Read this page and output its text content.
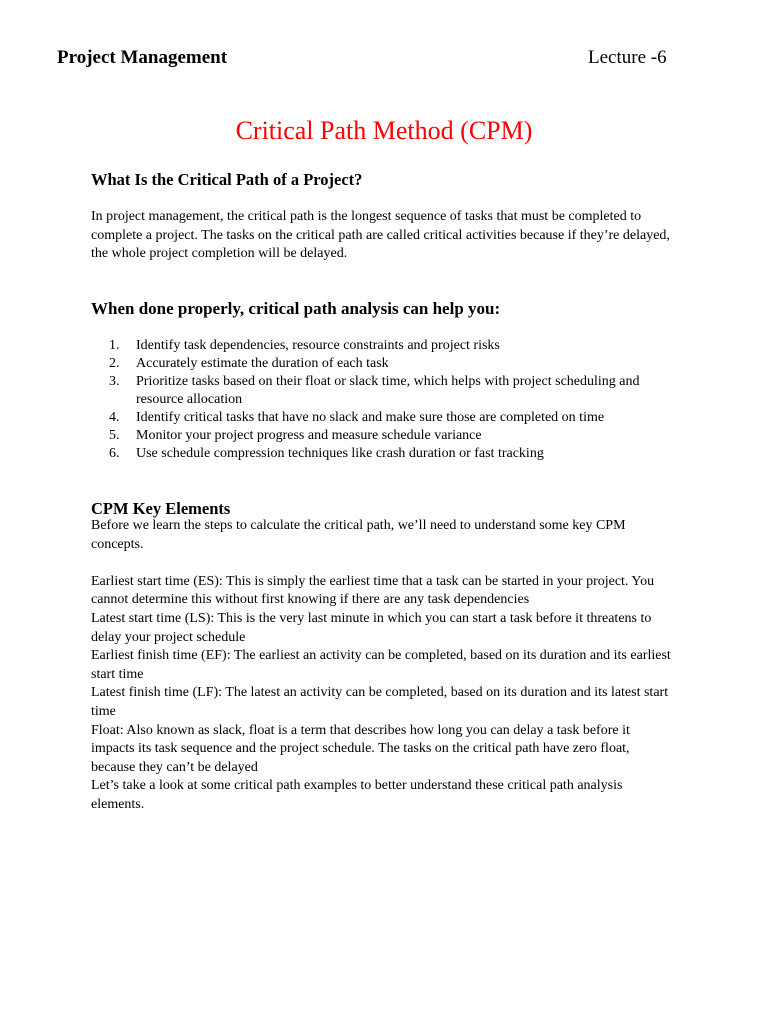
Project Management	Lecture -6
Critical Path Method (CPM)
What Is the Critical Path of a Project?
In project management, the critical path is the longest sequence of tasks that must be completed to
complete a project. The tasks on the critical path are called critical activities because if they’re delayed,
the whole project completion will be delayed.
When done properly, critical path analysis can help you:
1. Identify task dependencies, resource constraints and project risks
2. Accurately estimate the duration of each task
3. Prioritize tasks based on their float or slack time, which helps with project scheduling and
resource allocation
4. Identify critical tasks that have no slack and make sure those are completed on time
5. Monitor your project progress and measure schedule variance
6. Use schedule compression techniques like crash duration or fast tracking
CPM Key Elements
Before we learn the steps to calculate the critical path, we’ll need to understand some key CPM
concepts.

Earliest start time (ES): This is simply the earliest time that a task can be started in your project. You
cannot determine this without first knowing if there are any task dependencies
Latest start time (LS): This is the very last minute in which you can start a task before it threatens to
delay your project schedule
Earliest finish time (EF): The earliest an activity can be completed, based on its duration and its earliest
start time
Latest finish time (LF): The latest an activity can be completed, based on its duration and its latest start
time
Float: Also known as slack, float is a term that describes how long you can delay a task before it
impacts its task sequence and the project schedule. The tasks on the critical path have zero float,
because they can’t be delayed
Let’s take a look at some critical path examples to better understand these critical path analysis
elements.
